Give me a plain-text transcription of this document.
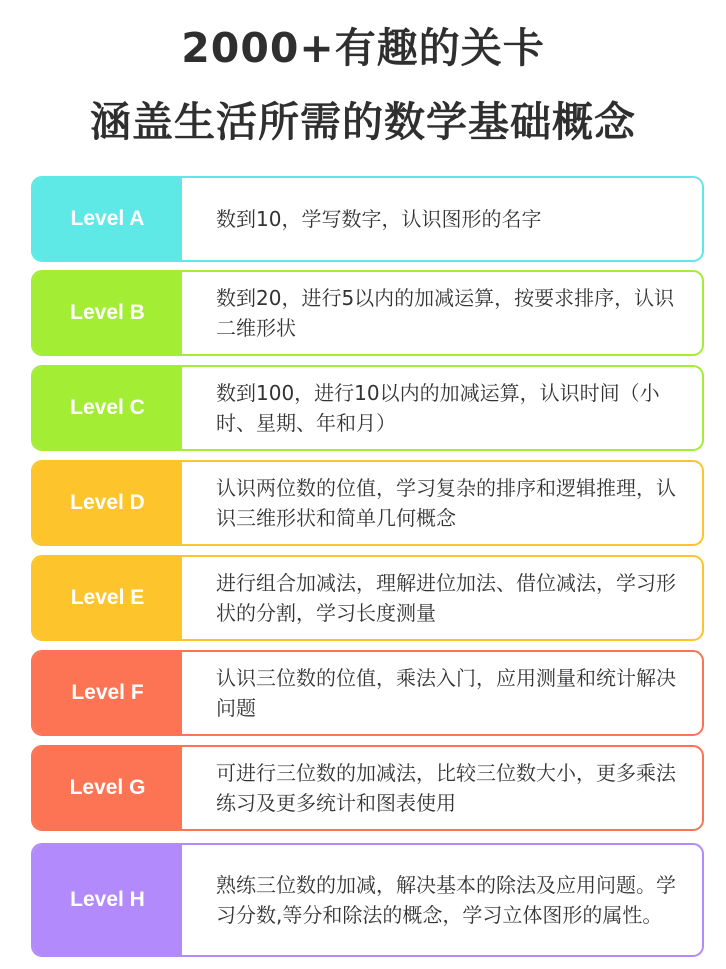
2000+有趣的关卡
涵盖生活所需的数学基础概念
Level A	数到10，学写数字，认识图形的名字
Level B
数到20，进行5以内的加减运算，按要求排序，认识二维形状
Level C
数到100，进行10以内的加减运算，认识时间（小时、星期、年和月）
Level D
认识两位数的位值，学习复杂的排序和逻辑推理，认识三维形状和简单几何概念
Level E
进行组合加减法，理解进位加法、借位减法，学习形状的分割，学习长度测量
Level F
认识三位数的位值，乘法入门，应用测量和统计解决问题
Level G
可进行三位数的加减法，比较三位数大小，更多乘法练习及更多统计和图表使用
Level H
熟练三位数的加减，解决基本的除法及应用问题。学习分数,等分和除法的概念，学习立体图形的属性。
